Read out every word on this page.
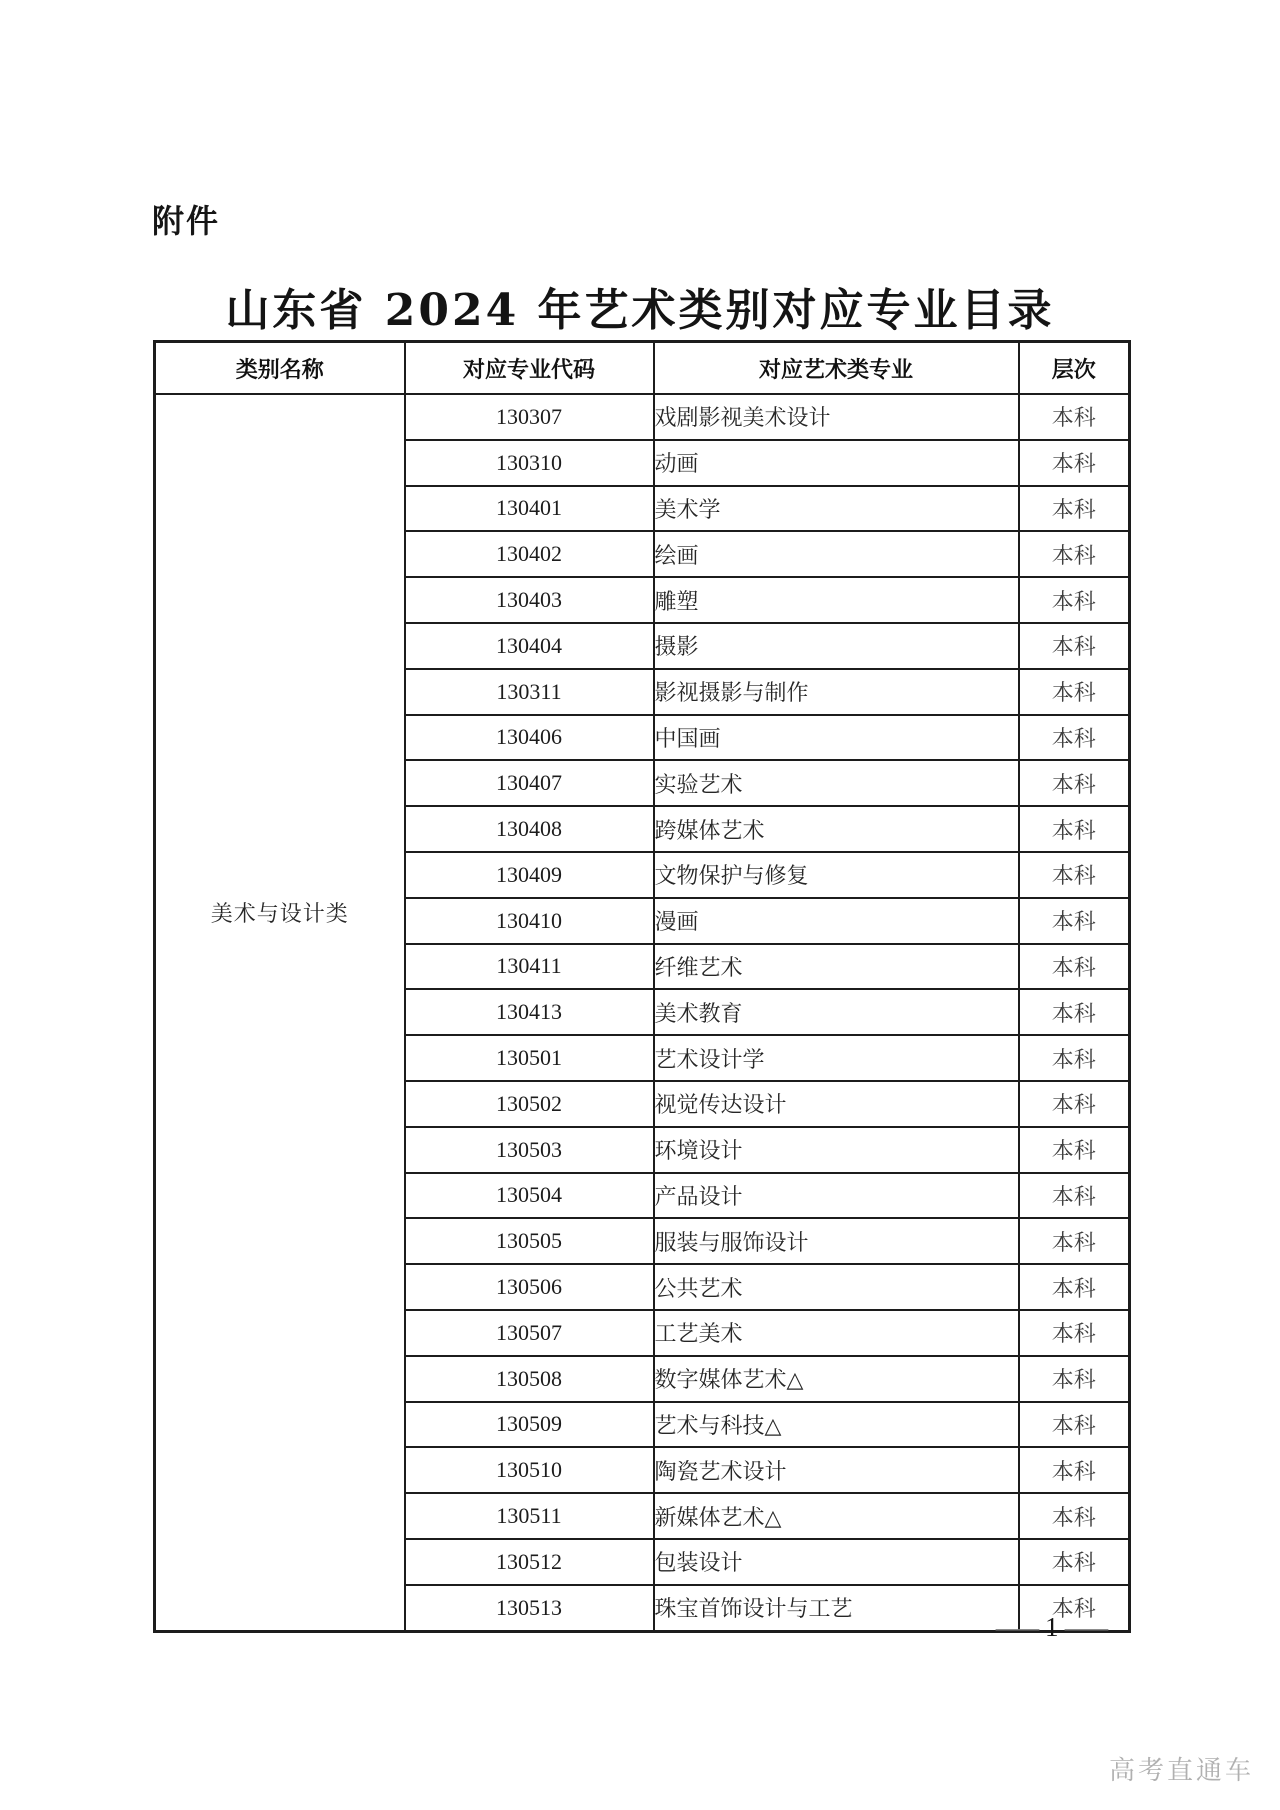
附件
山东省 2024 年艺术类别对应专业目录
类别名称	对应专业代码	对应艺术类专业	层次
美术与设计类	130307	戏剧影视美术设计	本科
	130310	动画	本科
	130401	美术学	本科
	130402	绘画	本科
	130403	雕塑	本科
	130404	摄影	本科
	130311	影视摄影与制作	本科
	130406	中国画	本科
	130407	实验艺术	本科
	130408	跨媒体艺术	本科
	130409	文物保护与修复	本科
	130410	漫画	本科
	130411	纤维艺术	本科
	130413	美术教育	本科
	130501	艺术设计学	本科
	130502	视觉传达设计	本科
	130503	环境设计	本科
	130504	产品设计	本科
	130505	服装与服饰设计	本科
	130506	公共艺术	本科
	130507	工艺美术	本科
	130508	数字媒体艺术△	本科
	130509	艺术与科技△	本科
	130510	陶瓷艺术设计	本科
	130511	新媒体艺术△	本科
	130512	包装设计	本科
	130513	珠宝首饰设计与工艺	本科
— 1 —
高考直通车
